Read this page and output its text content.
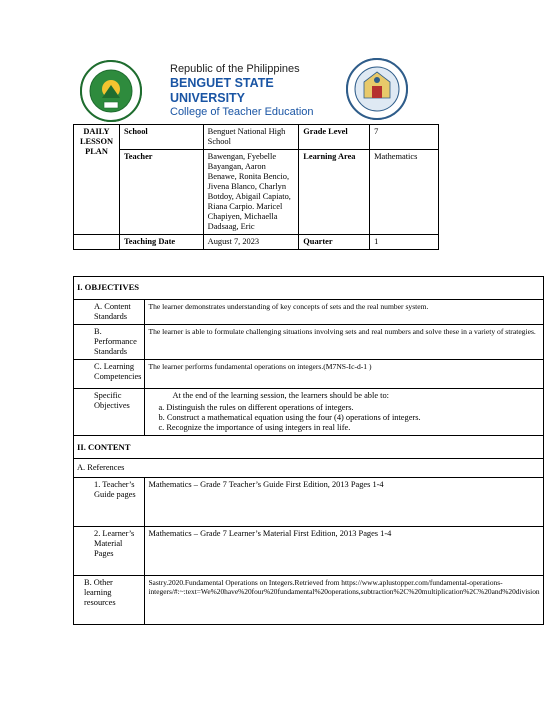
Republic of the Philippines
BENGUET STATE UNIVERSITY
College of Teacher Education
DAILY LESSON PLAN	School	Benguet National High School	Grade Level	7
	Teacher	Bawengan, Fyebelle Bayangan, Aaron Benawe, Ronita Bencio, Jivena Blanco, Charlyn Botdoy, Abigail Capiato, Riana Carpio. Maricel Chapiyen, Michaella Dadsaag, Eric	Learning Area	Mathematics
	Teaching Date	August 7, 2023	Quarter	1
I. OBJECTIVES	
A. Content Standards	The learner demonstrates understanding of key concepts of sets and the real number system.
B. Performance Standards	The learner is able to formulate challenging situations involving sets and real numbers and solve these in a variety of strategies.
C. Learning Competencies	The learner performs fundamental operations on integers.(M7NS-Ic-d-1 )
Specific Objectives	At the end of the learning session, the learners should be able to:
a. Distinguish the rules on different operations of integers.
b. Construct a mathematical equation using the four (4) operations of integers.
c. Recognize the importance of using integers in real life.

II. CONTENT	
A. References	
1. Teacher’s Guide pages	Mathematics – Grade 7 Teacher’s Guide First Edition, 2013 Pages 1-4
2. Learner’s Material Pages	Mathematics – Grade 7 Learner’s Material First Edition, 2013 Pages 1-4
B. Other learning resources	Sastry.2020.Fundamental Operations on Integers.Retrieved from https://www.aplustopper.com/fundamental-operations-integers/#:~:text=We%20have%20four%20fundamental%20operations,subtraction%2C%20multiplication%2C%20and%20division
